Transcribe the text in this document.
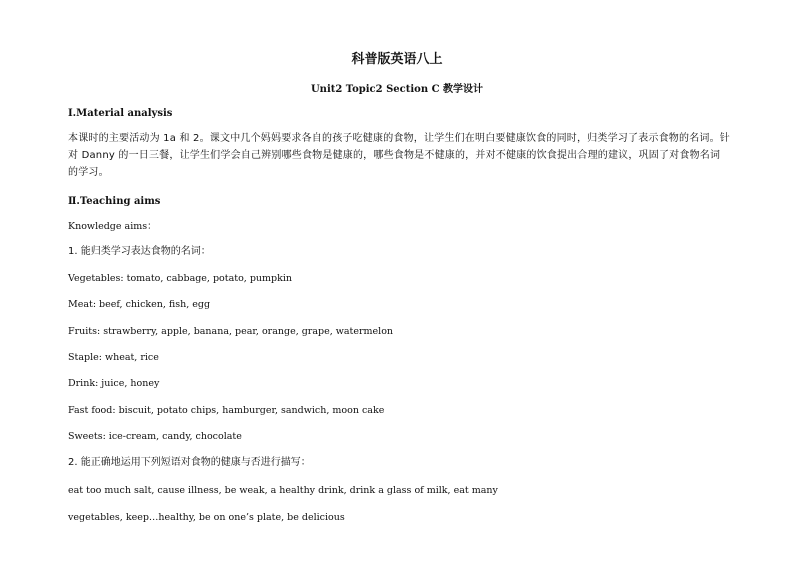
科普版英语八上
Unit2 Topic2 Section C 教学设计
Ⅰ.Material analysis
本课时的主要活动为 1a 和 2。课文中几个妈妈要求各自的孩子吃健康的食物，让学生们在明白要健康饮食的同时，归类学习了表示食物的名词。针对 Danny 的一日三餐，让学生们学会自己辨别哪些食物是健康的，哪些食物是不健康的，并对不健康的饮食提出合理的建议，巩固了对食物名词的学习。
Ⅱ.Teaching aims
Knowledge aims：
1. 能归类学习表达食物的名词：
Vegetables: tomato, cabbage, potato, pumpkin
Meat: beef, chicken, fish, egg
Fruits: strawberry, apple, banana, pear, orange, grape, watermelon
Staple: wheat, rice
Drink: juice, honey
Fast food: biscuit, potato chips, hamburger, sandwich, moon cake
Sweets: ice-cream, candy, chocolate
2. 能正确地运用下列短语对食物的健康与否进行描写：
eat too much salt, cause illness, be weak, a healthy drink, drink a glass of milk, eat many
vegetables, keep…healthy, be on one’s plate, be delicious
